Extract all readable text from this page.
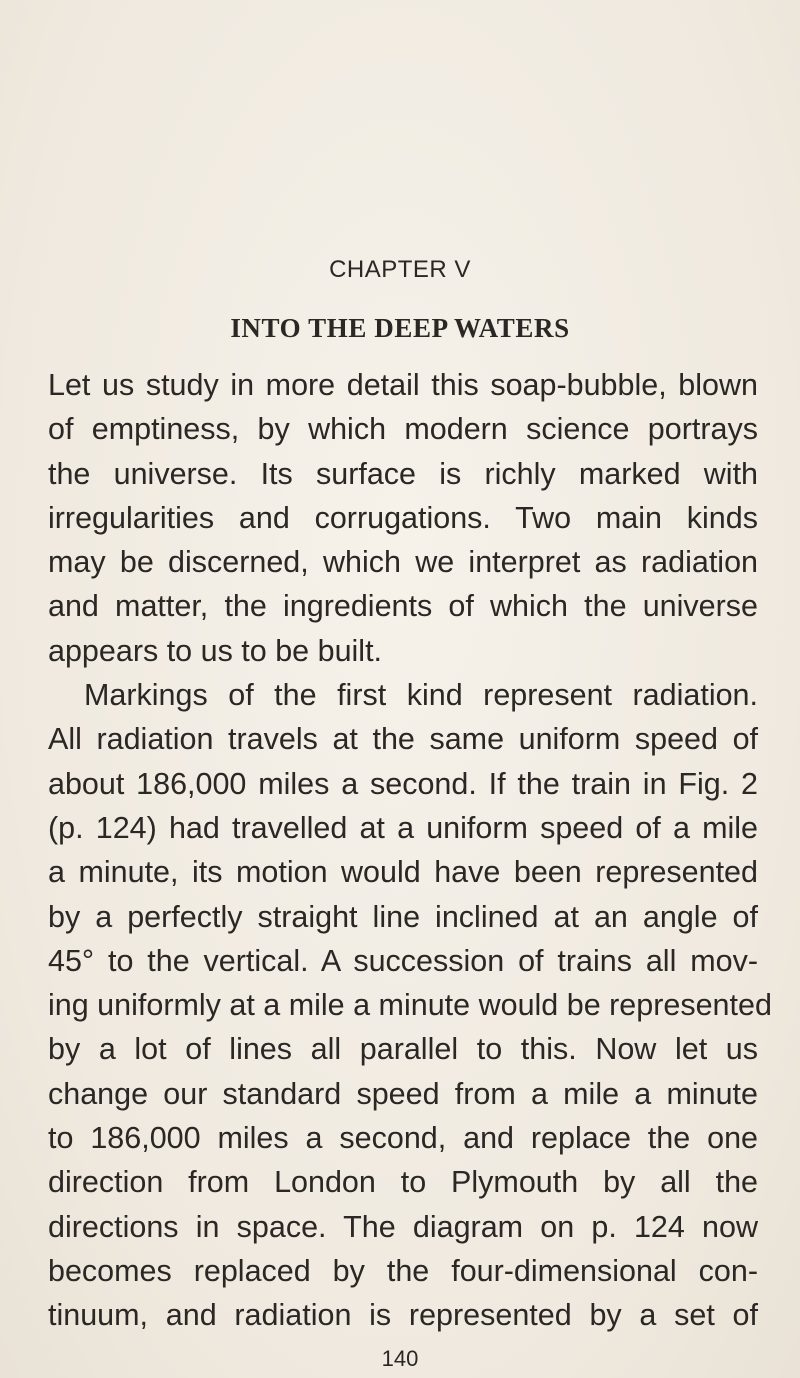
CHAPTER V
INTO THE DEEP WATERS
Let us study in more detail this soap-bubble, blown
of emptiness, by which modern science portrays
the universe. Its surface is richly marked with
irregularities and corrugations. Two main kinds
may be discerned, which we interpret as radiation
and matter, the ingredients of which the universe
appears to us to be built.
Markings of the first kind represent radiation.
All radiation travels at the same uniform speed of
about 186,000 miles a second. If the train in Fig. 2
(p. 124) had travelled at a uniform speed of a mile
a minute, its motion would have been represented
by a perfectly straight line inclined at an angle of
45° to the vertical. A succession of trains all mov-
ing uniformly at a mile a minute would be represented
by a lot of lines all parallel to this. Now let us
change our standard speed from a mile a minute
to 186,000 miles a second, and replace the one
direction from London to Plymouth by all the
directions in space. The diagram on p. 124 now
becomes replaced by the four-dimensional con-
tinuum, and radiation is represented by a set of
140
